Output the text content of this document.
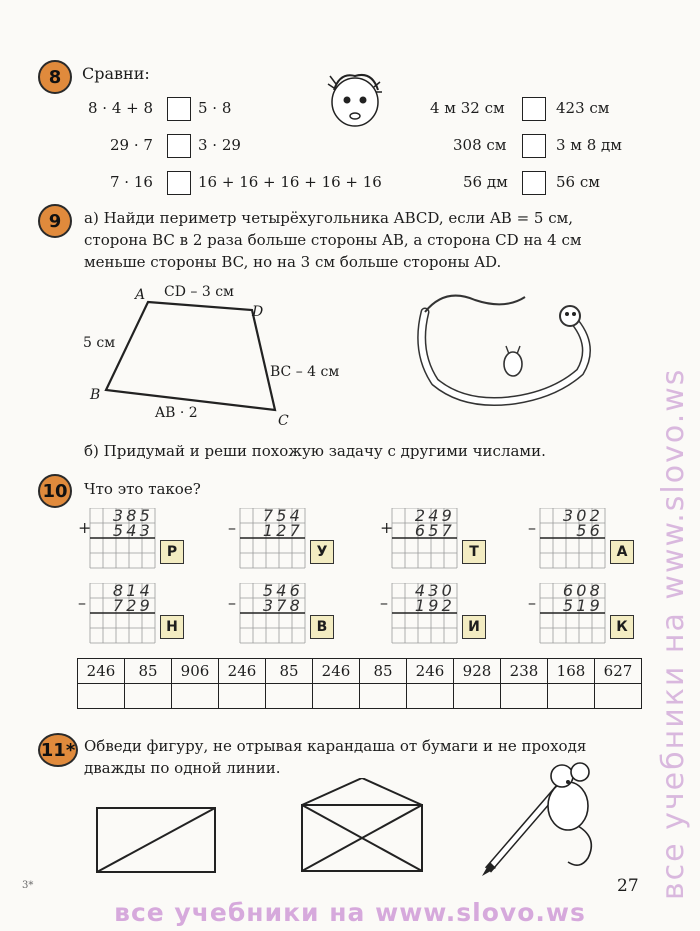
8	Сравни:
8 · 4 + 8	5 · 8	4 м 32 см	423 см
29 · 7	3 · 29	308 см	3 м 8 дм
7 · 16	16 + 16 + 16 + 16 + 16	56 дм	56 см
9	а) Найди периметр четырёхугольника ABCD, если AB = 5 см,
сторона BC в 2 раза больше стороны AB, а сторона CD на 4 см
меньше стороны BC, но на 3 см больше стороны AD.
A
D
B
C
CD – 3 см
5 см
BC – 4 см
AB · 2
б) Придумай и реши похожую задачу с другими числами.
10 Что это такое?
+
385
543
Р
–
754
127
У
+
249
657
Т
–
302
56
А
–
814
729
Н
–
546
378
В
–
430
192
И
–
608
519
К
246	85	906	246	85	246	85	246	928	238	168	627

11* Обведи фигуру, не отрывая карандаша от бумаги и не проходя
дважды по одной линии.
3*	27 все учебники на www.slovo.ws
все учебники на www.slovo.ws
